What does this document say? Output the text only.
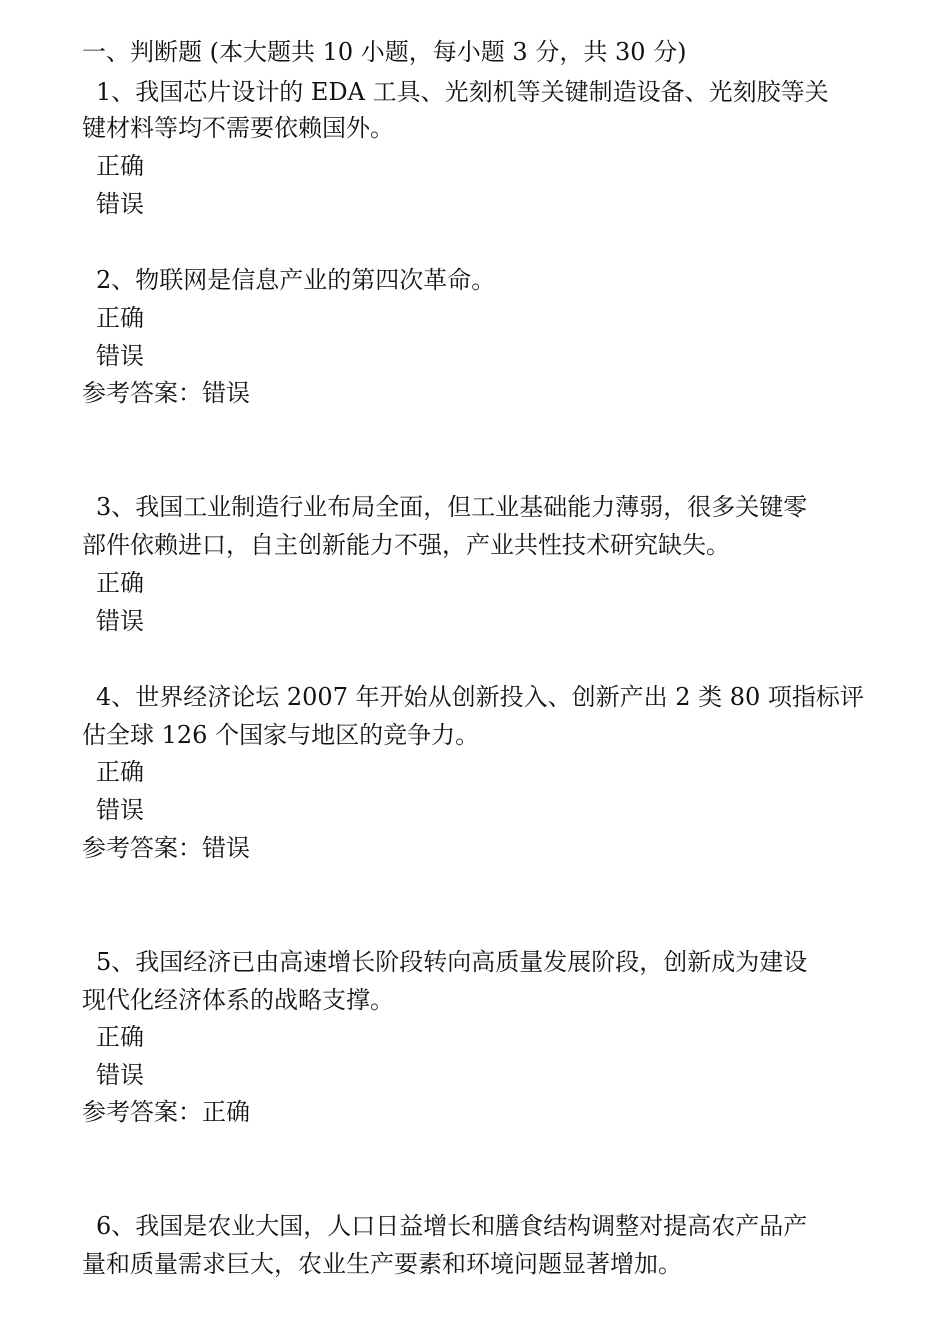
一、判断题 (本大题共 10 小题，每小题 3 分，共 30 分)
1、我国芯片设计的 EDA 工具、光刻机等关键制造设备、光刻胶等关
键材料等均不需要依赖国外。
正确
错误
2、物联网是信息产业的第四次革命。
正确
错误
参考答案：错误
3、我国工业制造行业布局全面，但工业基础能力薄弱，很多关键零
部件依赖进口，自主创新能力不强，产业共性技术研究缺失。
正确
错误
4、世界经济论坛 2007 年开始从创新投入、创新产出 2 类 80 项指标评
估全球 126 个国家与地区的竞争力。
正确
错误
参考答案：错误
5、我国经济已由高速增长阶段转向高质量发展阶段，创新成为建设
现代化经济体系的战略支撑。
正确
错误
参考答案：正确
6、我国是农业大国，人口日益增长和膳食结构调整对提高农产品产
量和质量需求巨大，农业生产要素和环境问题显著增加。
